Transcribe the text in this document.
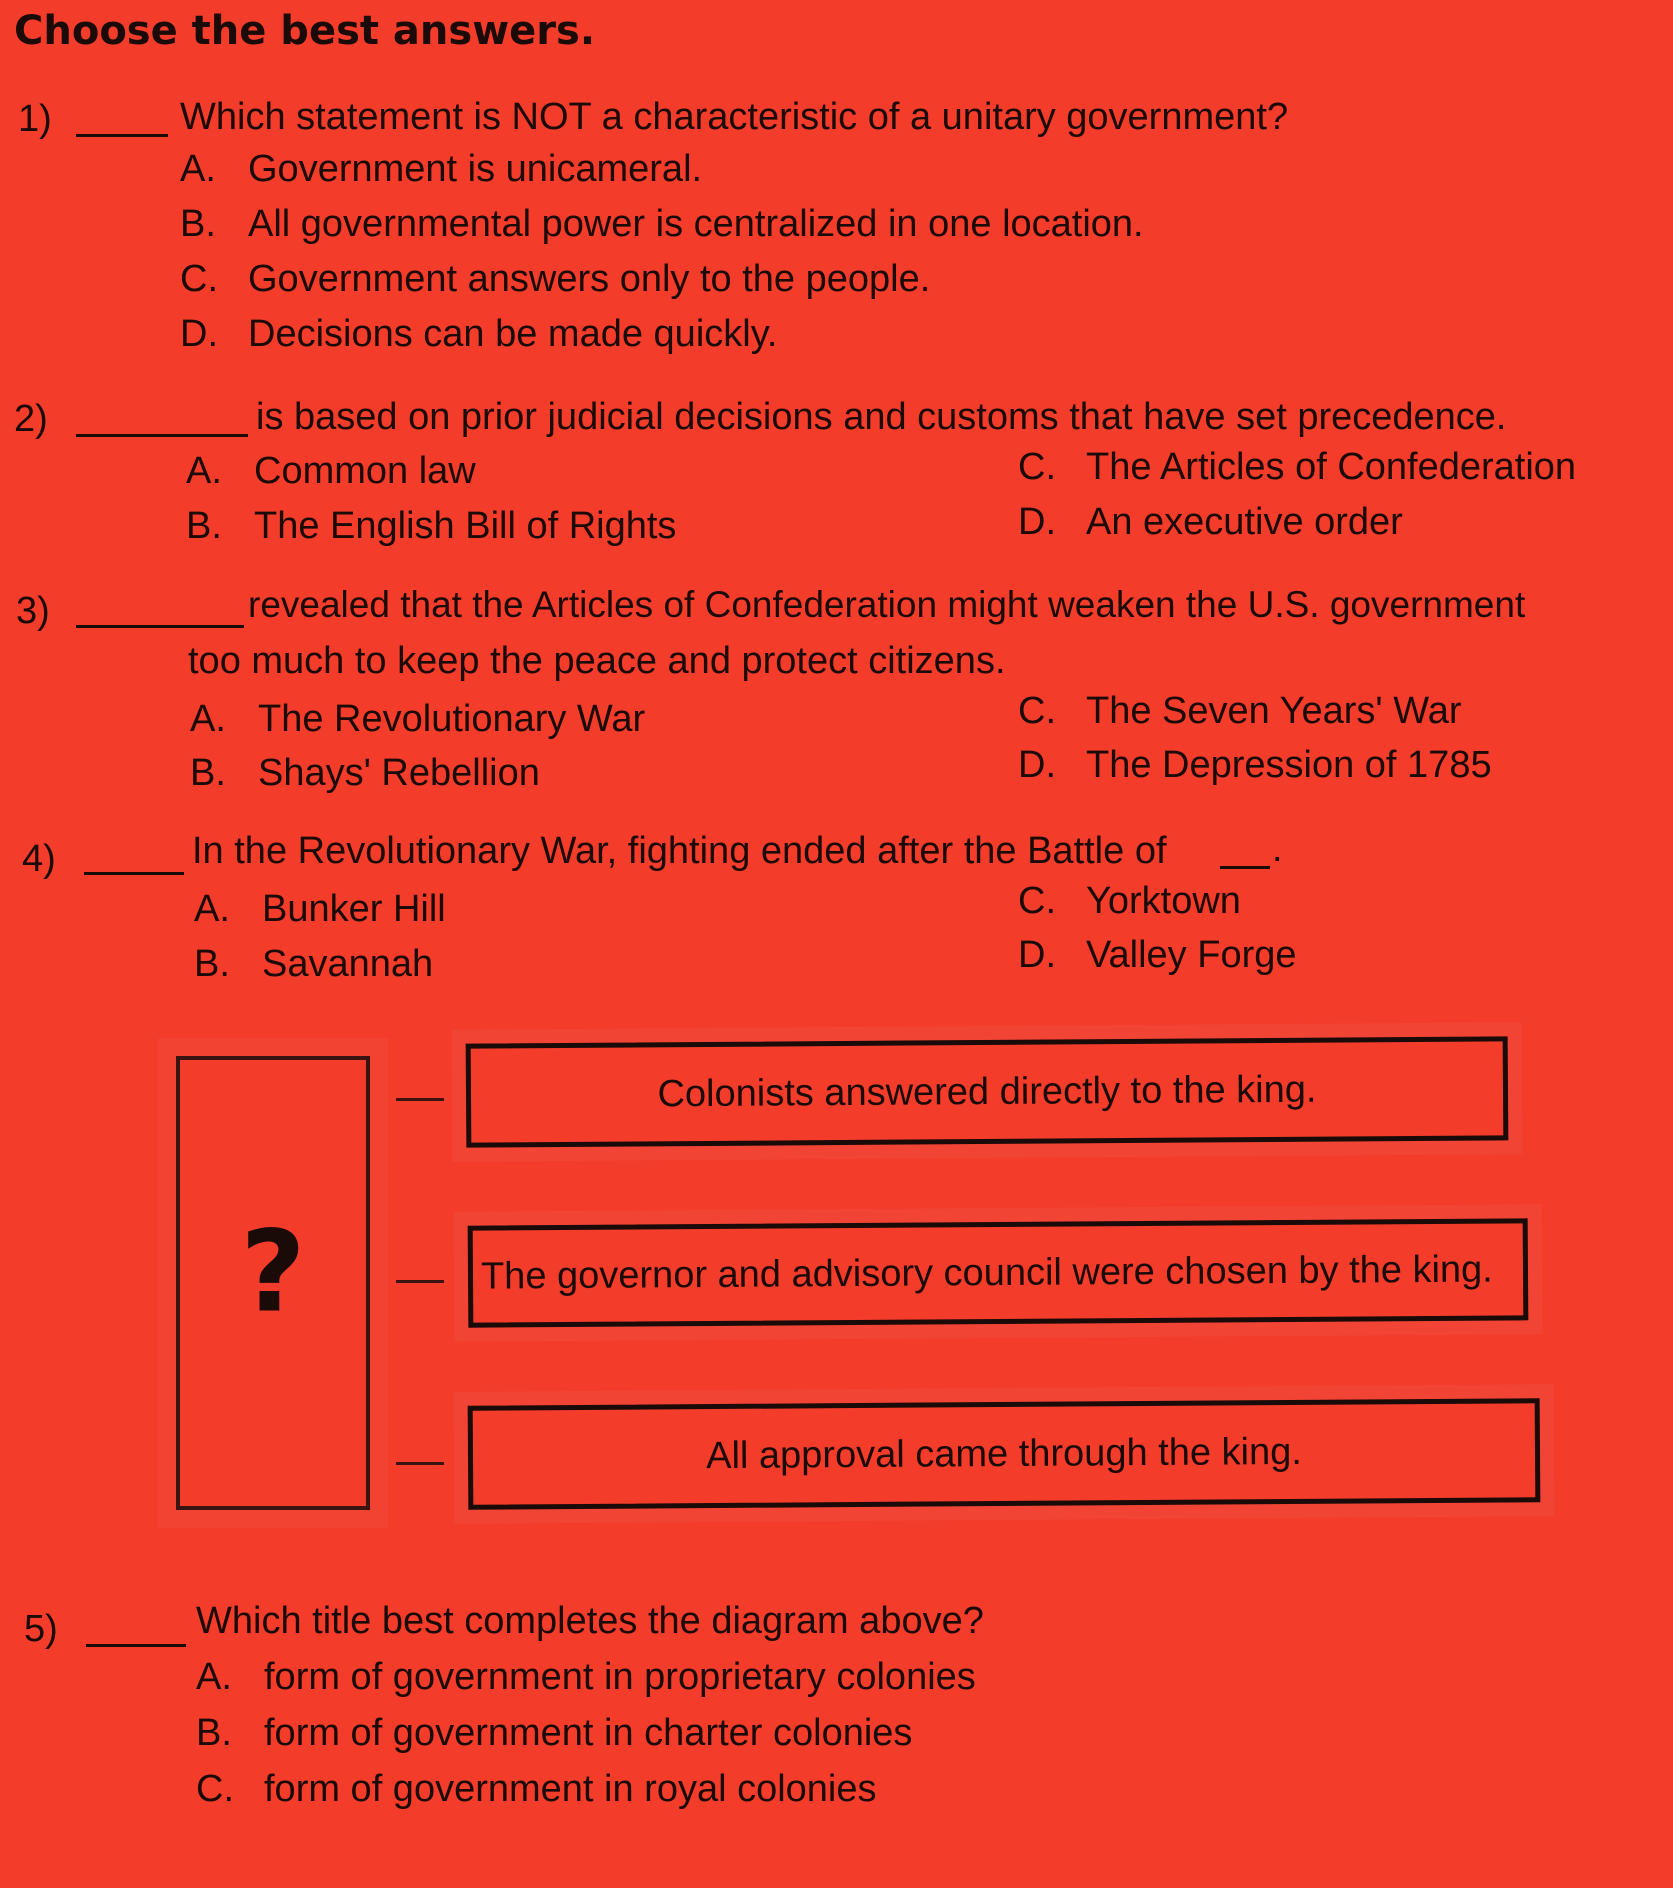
Choose the best answers.
1)	Which statement is NOT a characteristic of a unitary government?
A. Government is unicameral.
B. All governmental power is centralized in one location.
C. Government answers only to the people.
D. Decisions can be made quickly.
2)	is based on prior judicial decisions and customs that have set precedence.
A. Common law
B. The English Bill of Rights
C. The Articles of Confederation
D. An executive order
3)	revealed that the Articles of Confederation might weaken the U.S. government
too much to keep the peace and protect citizens.
A. The Revolutionary War
B. Shays' Rebellion
C. The Seven Years' War
D. The Depression of 1785
4)	In the Revolutionary War, fighting ended after the Battle of	.
A. Bunker Hill
B. Savannah
C. Yorktown
D. Valley Forge
?
Colonists answered directly to the king.
The governor and advisory council were chosen by the king.
All approval came through the king.
5)	Which title best completes the diagram above?
A. form of government in proprietary colonies
B. form of government in charter colonies
C. form of government in royal colonies
